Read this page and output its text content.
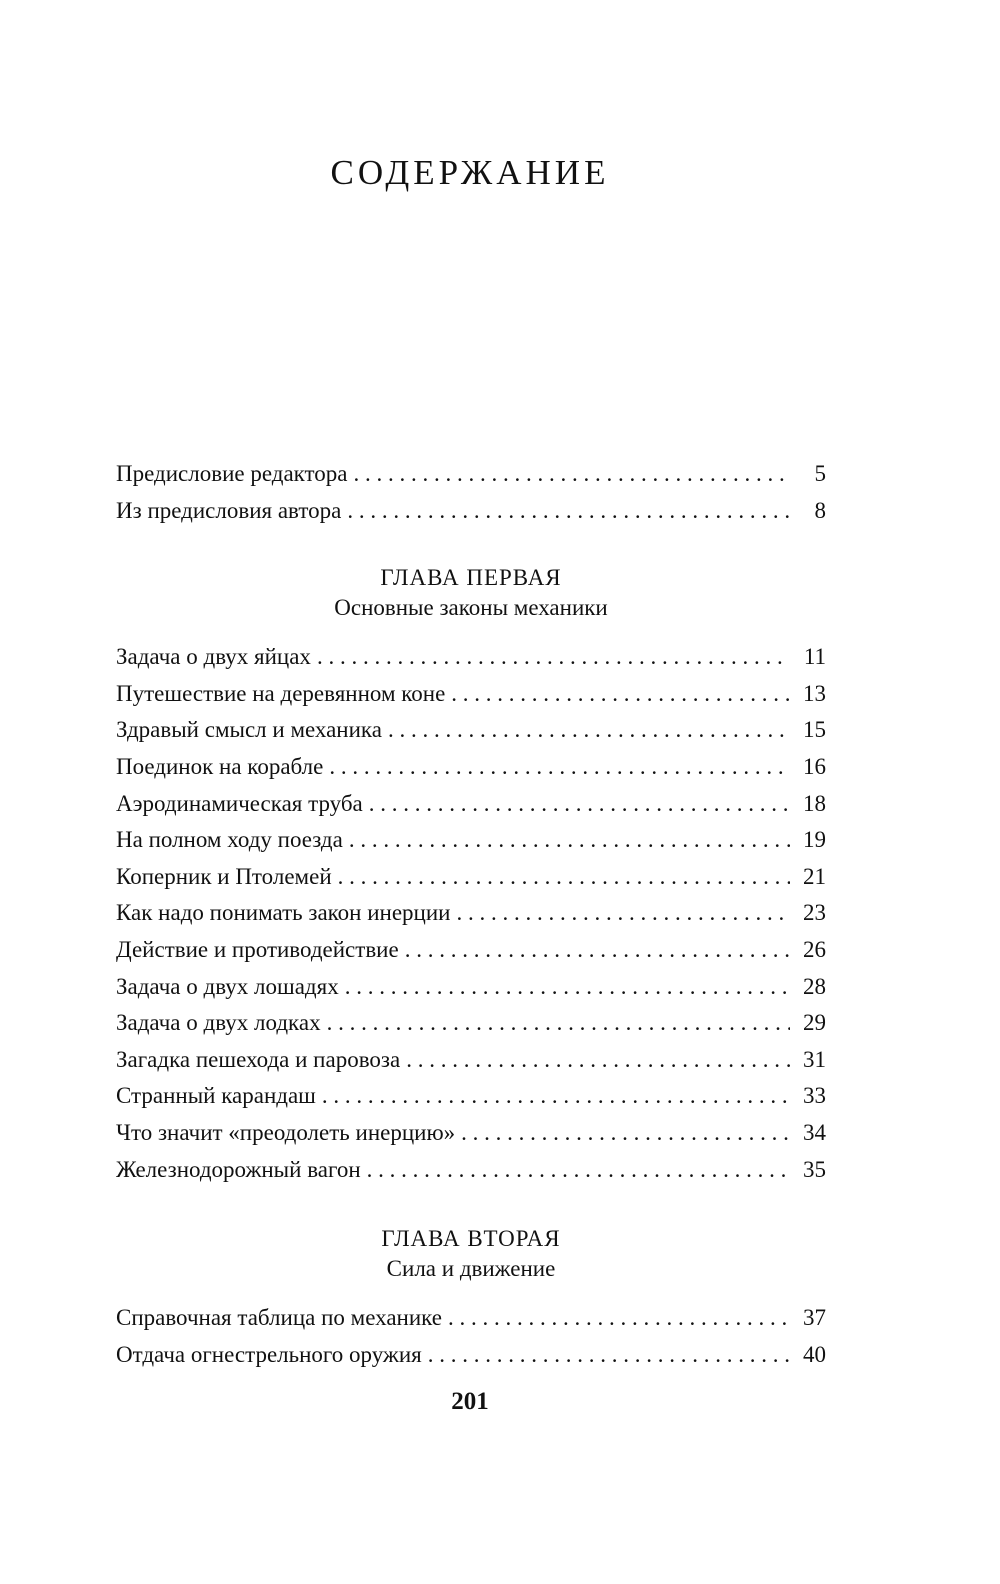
СОДЕРЖАНИЕ
Предисловие редактора . . .	5
Из предисловия автора . . .	8
ГЛАВА ПЕРВАЯ
Основные законы механики
Задача о двух яйцах . . .	11
Путешествие на деревянном коне . . .	13
Здравый смысл и механика . . .	15
Поединок на корабле . . .	16
Аэродинамическая труба . . .	18
На полном ходу поезда . . .	19
Коперник и Птолемей . . .	21
Как надо понимать закон инерции . . .	23
Действие и противодействие . . .	26
Задача о двух лошадях . . .	28
Задача о двух лодках . . .	29
Загадка пешехода и паровоза . . .	31
Странный карандаш . . .	33
Что значит «преодолеть инерцию» . . .	34
Железнодорожный вагон . . .	35
ГЛАВА ВТОРАЯ
Сила и движение
Справочная таблица по механике . . .	37
Отдача огнестрельного оружия . . .	40
201
